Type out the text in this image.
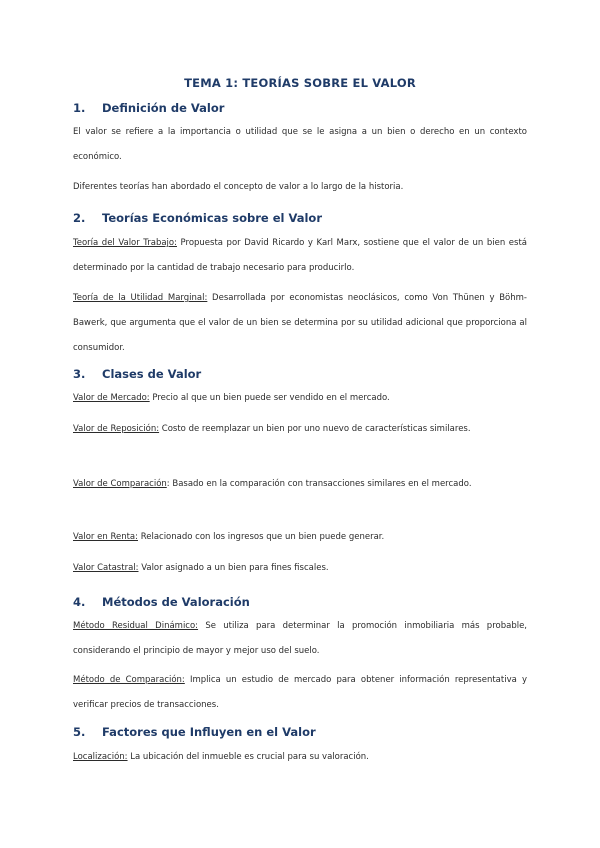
TEMA 1: TEORÍAS SOBRE EL VALOR
1. Definición de Valor
El valor se refiere a la importancia o utilidad que se le asigna a un bien o derecho en un contexto económico.
Diferentes teorías han abordado el concepto de valor a lo largo de la historia.
2. Teorías Económicas sobre el Valor
Teoría del Valor Trabajo: Propuesta por David Ricardo y Karl Marx, sostiene que el valor de un bien está determinado por la cantidad de trabajo necesario para producirlo.
Teoría de la Utilidad Marginal: Desarrollada por economistas neoclásicos, como Von Thünen y Böhm-Bawerk, que argumenta que el valor de un bien se determina por su utilidad adicional que proporciona al consumidor.
3. Clases de Valor
Valor de Mercado: Precio al que un bien puede ser vendido en el mercado.
Valor de Reposición: Costo de reemplazar un bien por uno nuevo de características similares.
Valor de Comparación: Basado en la comparación con transacciones similares en el mercado.
Valor en Renta: Relacionado con los ingresos que un bien puede generar.
Valor Catastral: Valor asignado a un bien para fines fiscales.
4. Métodos de Valoración
Método Residual Dinámico: Se utiliza para determinar la promoción inmobiliaria más probable, considerando el principio de mayor y mejor uso del suelo.
Método de Comparación: Implica un estudio de mercado para obtener información representativa y verificar precios de transacciones.
5. Factores que Influyen en el Valor
Localización: La ubicación del inmueble es crucial para su valoración.
